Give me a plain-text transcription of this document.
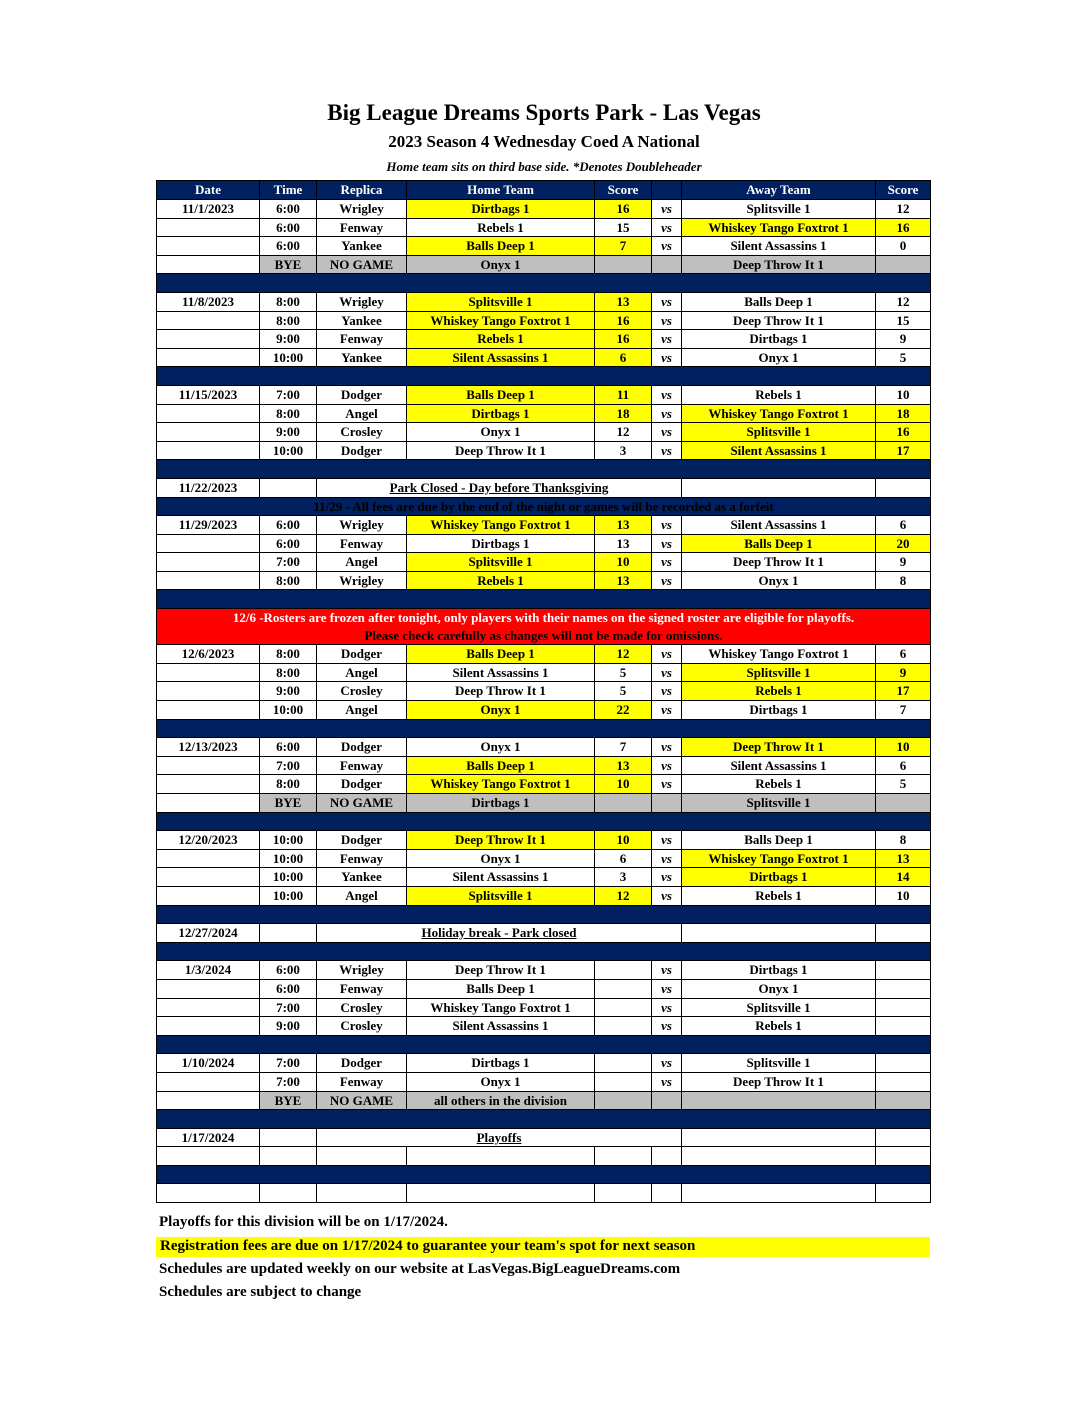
Big League Dreams Sports Park - Las Vegas
2023 Season 4 Wednesday Coed A National
Home team sits on third base side. *Denotes Doubleheader
Date	Time	Replica	Home Team	Score		Away Team	Score
11/1/2023	6:00	Wrigley	Dirtbags 1	16	vs	Splitsville 1	12
	6:00	Fenway	Rebels 1	15	vs	Whiskey Tango Foxtrot 1	16
	6:00	Yankee	Balls Deep 1	7	vs	Silent Assassins 1	0
	BYE	NO GAME	Onyx 1			Deep Throw It 1	

11/8/2023	8:00	Wrigley	Splitsville 1	13	vs	Balls Deep 1	12
	8:00	Yankee	Whiskey Tango Foxtrot 1	16	vs	Deep Throw It 1	15
	9:00	Fenway	Rebels 1	16	vs	Dirtbags 1	9
	10:00	Yankee	Silent Assassins 1	6	vs	Onyx 1	5

11/15/2023	7:00	Dodger	Balls Deep 1	11	vs	Rebels 1	10
	8:00	Angel	Dirtbags 1	18	vs	Whiskey Tango Foxtrot 1	18
	9:00	Crosley	Onyx 1	12	vs	Splitsville 1	16
	10:00	Dodger	Deep Throw It 1	3	vs	Silent Assassins 1	17

11/22/2023		Park Closed - Day before Thanksgiving					
11/29 - All fees are due by the end of the night or games will be recorded as a forfeit							
11/29/2023	6:00	Wrigley	Whiskey Tango Foxtrot 1	13	vs	Silent Assassins 1	6
	6:00	Fenway	Dirtbags 1	13	vs	Balls Deep 1	20
	7:00	Angel	Splitsville 1	10	vs	Deep Throw It 1	9
	8:00	Wrigley	Rebels 1	13	vs	Onyx 1	8

12/6 -Rosters are frozen after tonight, only players with their names on the signed roster are eligible for playoffs.
Please check carefully as changes will not be made for omissions.							

12/6/2023	8:00	Dodger	Balls Deep 1	12	vs	Whiskey Tango Foxtrot 1	6
	8:00	Angel	Silent Assassins 1	5	vs	Splitsville 1	9
	9:00	Crosley	Deep Throw It 1	5	vs	Rebels 1	17
	10:00	Angel	Onyx 1	22	vs	Dirtbags 1	7

12/13/2023	6:00	Dodger	Onyx 1	7	vs	Deep Throw It 1	10
	7:00	Fenway	Balls Deep 1	13	vs	Silent Assassins 1	6
	8:00	Dodger	Whiskey Tango Foxtrot 1	10	vs	Rebels 1	5
	BYE	NO GAME	Dirtbags 1			Splitsville 1	

12/20/2023	10:00	Dodger	Deep Throw It 1	10	vs	Balls Deep 1	8
	10:00	Fenway	Onyx 1	6	vs	Whiskey Tango Foxtrot 1	13
	10:00	Yankee	Silent Assassins 1	3	vs	Dirtbags 1	14
	10:00	Angel	Splitsville 1	12	vs	Rebels 1	10

12/27/2024		Holiday break - Park closed					

1/3/2024	6:00	Wrigley	Deep Throw It 1		vs	Dirtbags 1	
	6:00	Fenway	Balls Deep 1		vs	Onyx 1	
	7:00	Crosley	Whiskey Tango Foxtrot 1		vs	Splitsville 1	
	9:00	Crosley	Silent Assassins 1		vs	Rebels 1	

1/10/2024	7:00	Dodger	Dirtbags 1		vs	Splitsville 1	
	7:00	Fenway	Onyx 1		vs	Deep Throw It 1	
	BYE	NO GAME	all others in the division				

1/17/2024		Playoffs					

Playoffs for this division will be on 1/17/2024.
Registration fees are due on 1/17/2024 to guarantee your team's spot for next season
Schedules are updated weekly on our website at LasVegas.BigLeagueDreams.com
Schedules are subject to change
